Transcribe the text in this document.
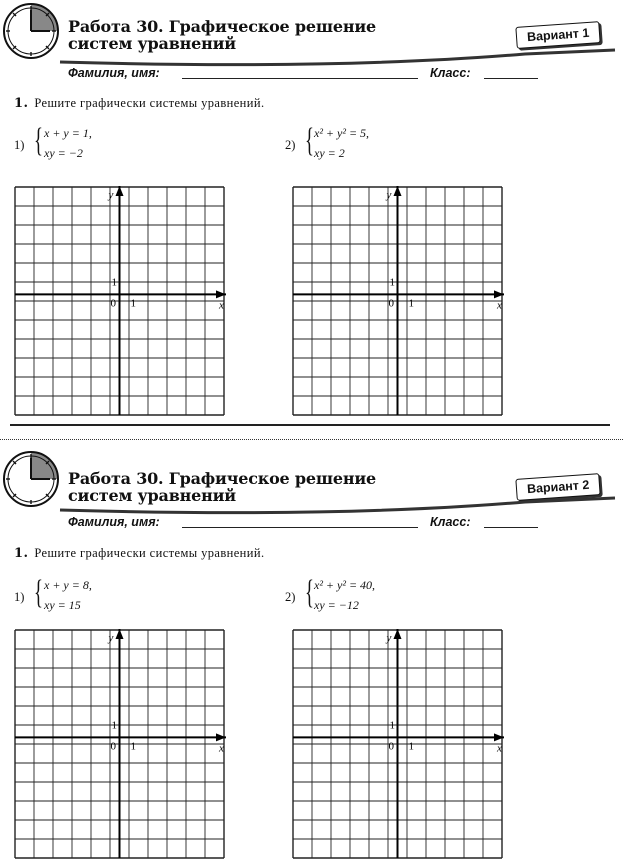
Работа 30. Графическое решение
систем уравнений	Вариант 1
Фамилия, имя:	Класс:
1. Решите графически системы уравнений.
1) { x + y = 1,
xy = −2
2) { x² + y² = 5,
xy = 2
y
x
0
1
1
y
x
0
1
1
Работа 30. Графическое решение
систем уравнений	Вариант 2
Фамилия, имя:	Класс:
1. Решите графически системы уравнений.
1) { x + y = 8,
xy = 15
2) { x² + y² = 40,
xy = −12
y
x
0
1
1
y
x
0
1
1
